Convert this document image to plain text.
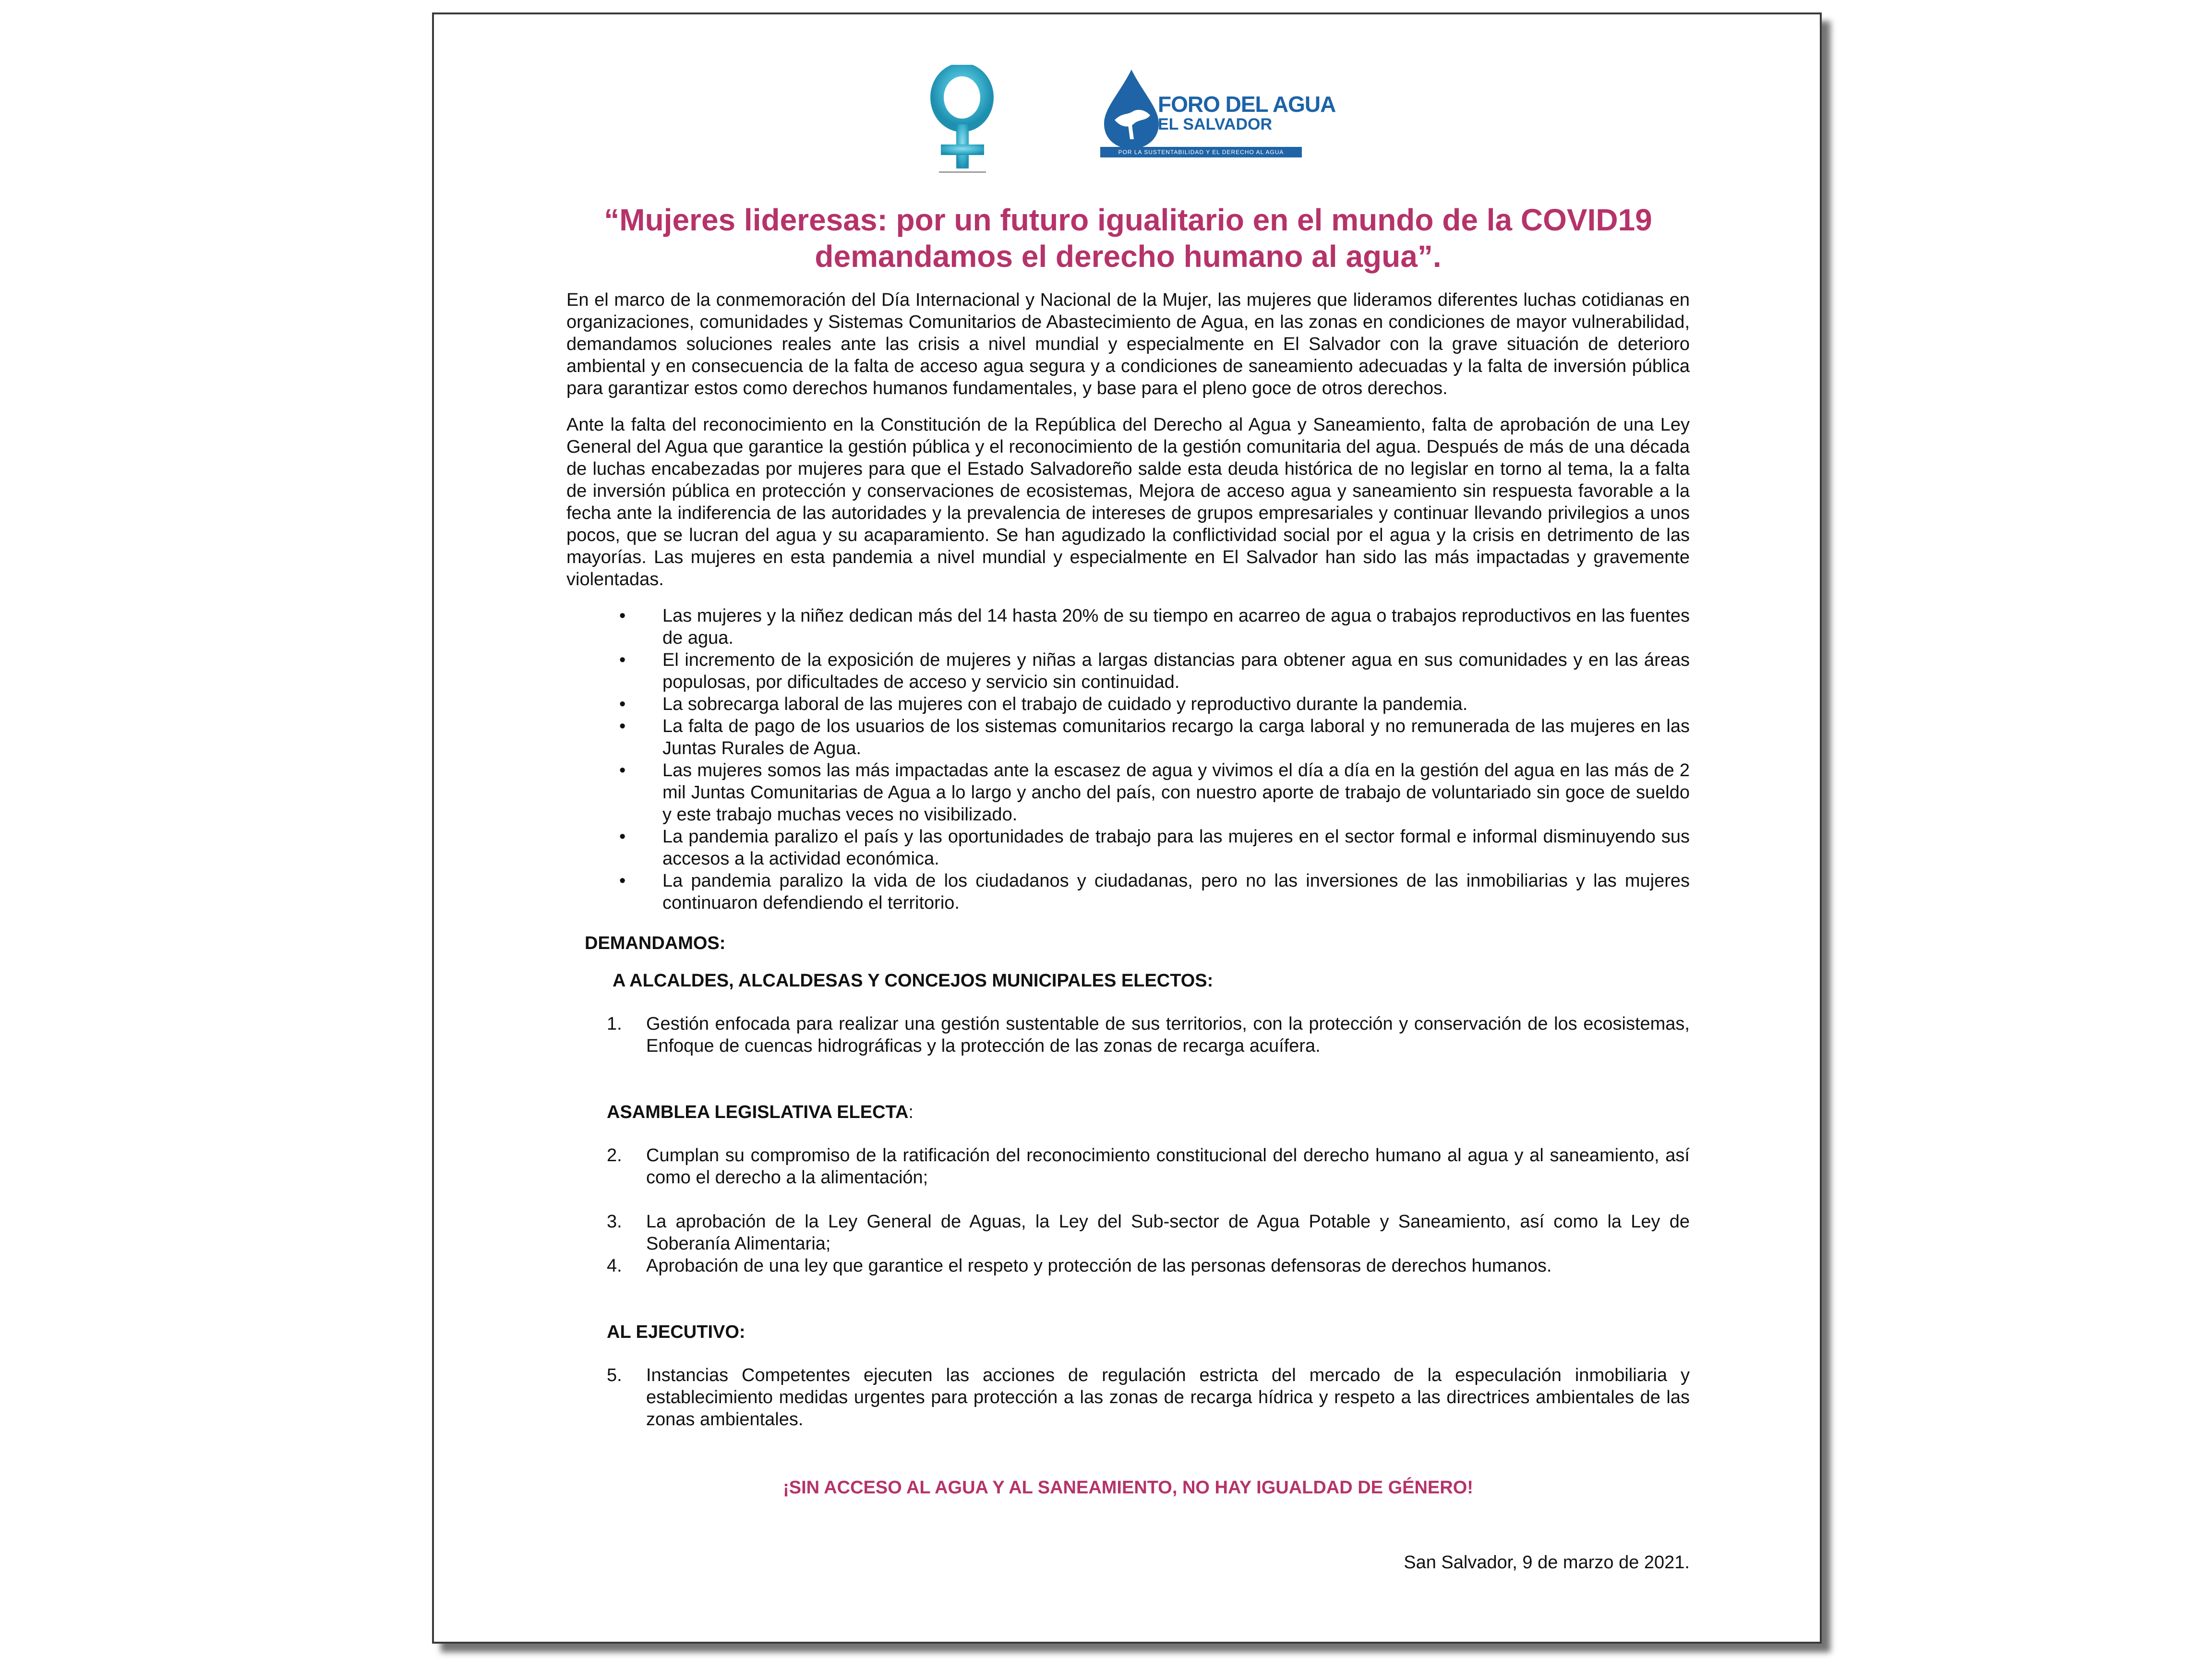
FORO DEL AGUA
EL SALVADOR
POR LA SUSTENTABILIDAD Y EL DERECHO AL AGUA
“Mujeres lideresas: por un futuro igualitario en el mundo de la COVID19 demandamos el derecho humano al agua”.

En el marco de la conmemoración del Día Internacional y Nacional de la Mujer, las mujeres que lideramos diferentes luchas cotidianas en organizaciones, comunidades y Sistemas Comunitarios de Abastecimiento de Agua, en las zonas en condiciones de mayor vulnerabilidad, demandamos soluciones reales ante las crisis a nivel mundial y especialmente en El Salvador con la grave situación de deterioro ambiental y en consecuencia de la falta de acceso agua segura y a condiciones de saneamiento adecuadas y la falta de inversión pública para garantizar estos como derechos humanos fundamentales, y base para el pleno goce de otros derechos.

Ante la falta del reconocimiento en la Constitución de la República del Derecho al Agua y Saneamiento, falta de aprobación de una Ley General del Agua que garantice la gestión pública y el reconocimiento de la gestión comunitaria del agua. Después de más de una década de luchas encabezadas por mujeres para que el Estado Salvadoreño salde esta deuda histórica de no legislar en torno al tema, la a falta de inversión pública en protección y conservaciones de ecosistemas, Mejora de acceso agua y saneamiento sin respuesta favorable a la fecha ante la indiferencia de las autoridades y la prevalencia de intereses de grupos empresariales y continuar llevando privilegios a unos pocos, que se lucran del agua y su acaparamiento. Se han agudizado la conflictividad social por el agua y la crisis en detrimento de las mayorías. Las mujeres en esta pandemia a nivel mundial y especialmente en El Salvador han sido las más impactadas y gravemente violentadas.

• Las mujeres y la niñez dedican más del 14 hasta 20% de su tiempo en acarreo de agua o trabajos reproductivos en las fuentes de agua.
• El incremento de la exposición de mujeres y niñas a largas distancias para obtener agua en sus comunidades y en las áreas populosas, por dificultades de acceso y servicio sin continuidad.
• La sobrecarga laboral de las mujeres con el trabajo de cuidado y reproductivo durante la pandemia.
• La falta de pago de los usuarios de los sistemas comunitarios recargo la carga laboral y no remunerada de las mujeres en las Juntas Rurales de Agua.
• Las mujeres somos las más impactadas ante la escasez de agua y vivimos el día a día en la gestión del agua en las más de 2 mil Juntas Comunitarias de Agua a lo largo y ancho del país, con nuestro aporte de trabajo de voluntariado sin goce de sueldo y este trabajo muchas veces no visibilizado.
• La pandemia paralizo el país y las oportunidades de trabajo para las mujeres en el sector formal e informal disminuyendo sus accesos a la actividad económica.
• La pandemia paralizo la vida de los ciudadanos y ciudadanas, pero no las inversiones de las inmobiliarias y las mujeres continuaron defendiendo el territorio.
DEMANDAMOS:
A ALCALDES, ALCALDESAS Y CONCEJOS MUNICIPALES ELECTOS:
1. Gestión enfocada para realizar una gestión sustentable de sus territorios, con la protección y conservación de los ecosistemas, Enfoque de cuencas hidrográficas y la protección de las zonas de recarga acuífera.
ASAMBLEA LEGISLATIVA ELECTA:
2. Cumplan su compromiso de la ratificación del reconocimiento constitucional del derecho humano al agua y al saneamiento, así como el derecho a la alimentación;
3. La aprobación de la Ley General de Aguas, la Ley del Sub-sector de Agua Potable y Saneamiento, así como la Ley de Soberanía Alimentaria;
4. Aprobación de una ley que garantice el respeto y protección de las personas defensoras de derechos humanos.
AL EJECUTIVO:
5. Instancias Competentes ejecuten las acciones de regulación estricta del mercado de la especulación inmobiliaria y establecimiento medidas urgentes para protección a las zonas de recarga hídrica y respeto a las directrices ambientales de las zonas ambientales.
¡SIN ACCESO AL AGUA Y AL SANEAMIENTO, NO HAY IGUALDAD DE GÉNERO!
San Salvador, 9 de marzo de 2021.
